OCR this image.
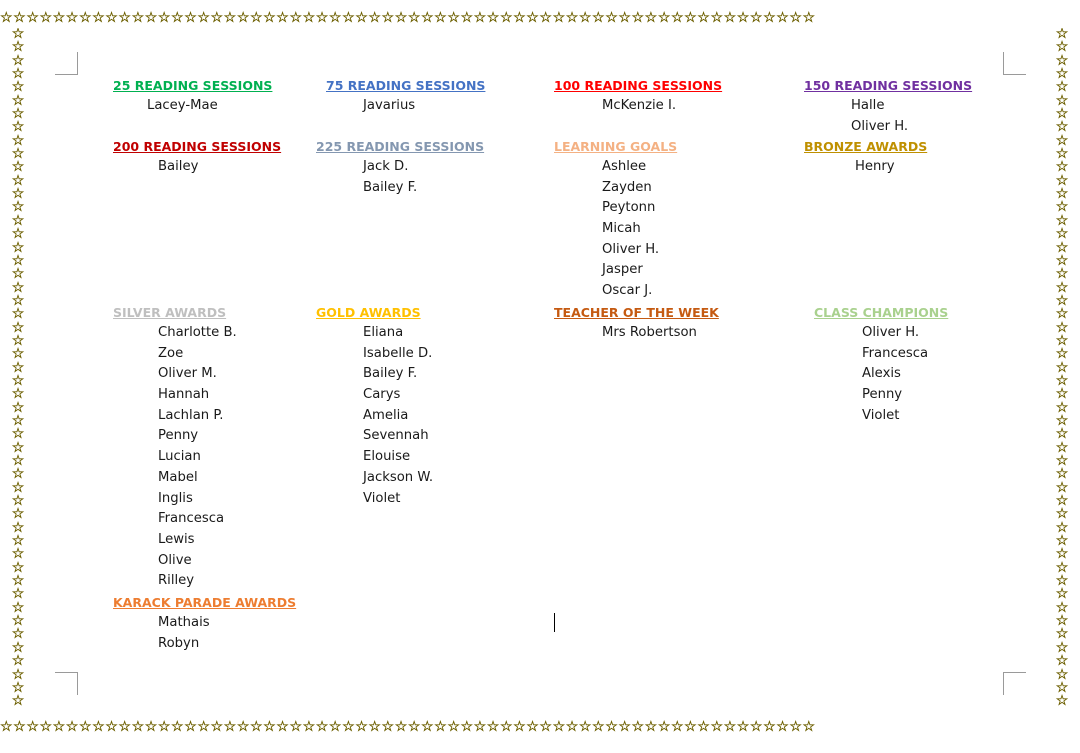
☆☆☆☆☆☆☆☆☆☆☆☆☆☆☆☆☆☆☆☆☆☆☆☆☆☆☆☆☆☆☆☆☆☆☆☆☆☆☆☆☆☆☆☆☆☆☆☆☆☆☆☆☆☆☆☆☆☆☆☆☆☆
☆☆☆☆☆☆☆☆☆☆☆☆☆☆☆☆☆☆☆☆☆☆☆☆☆☆☆☆☆☆☆☆☆☆☆☆☆☆☆☆☆☆☆☆☆☆☆☆☆☆☆☆☆☆☆☆☆☆☆☆☆☆
☆
☆
☆
☆
☆
☆
☆
☆
☆
☆
☆
☆
☆
☆
☆
☆
☆
☆
☆
☆
☆
☆
☆
☆
☆
☆
☆
☆
☆
☆
☆
☆
☆
☆
☆
☆
☆
☆
☆
☆
☆
☆
☆
☆
☆
☆
☆
☆
☆
☆
☆
☆
☆
☆
☆
☆
☆
☆
☆
☆
☆
☆
☆
☆
☆
☆
☆
☆
☆
☆
☆
☆
☆
☆
☆
☆
☆
☆
☆
☆
☆
☆
☆
☆
☆
☆
☆
☆
☆
☆
☆
☆
☆
☆
☆
☆
☆
☆
☆
☆
☆
☆
25 READING SESSIONS
Lacey-Mae
75 READING SESSIONS
Javarius
100 READING SESSIONS
McKenzie I.
150 READING SESSIONS
Halle
Oliver H.
200 READING SESSIONS
Bailey
225 READING SESSIONS
Jack D.
Bailey F.
LEARNING GOALS
Ashlee
Zayden
Peytonn
Micah
Oliver H.
Jasper
Oscar J.
BRONZE AWARDS
Henry
SILVER AWARDS
Charlotte B.
Zoe
Oliver M.
Hannah
Lachlan P.
Penny
Lucian
Mabel
Inglis
Francesca
Lewis
Olive
Rilley
GOLD AWARDS
Eliana
Isabelle D.
Bailey F.
Carys
Amelia
Sevennah
Elouise
Jackson W.
Violet
TEACHER OF THE WEEK
Mrs Robertson
CLASS CHAMPIONS
Oliver H.
Francesca
Alexis
Penny
Violet
KARACK PARADE AWARDS
Mathais
Robyn
